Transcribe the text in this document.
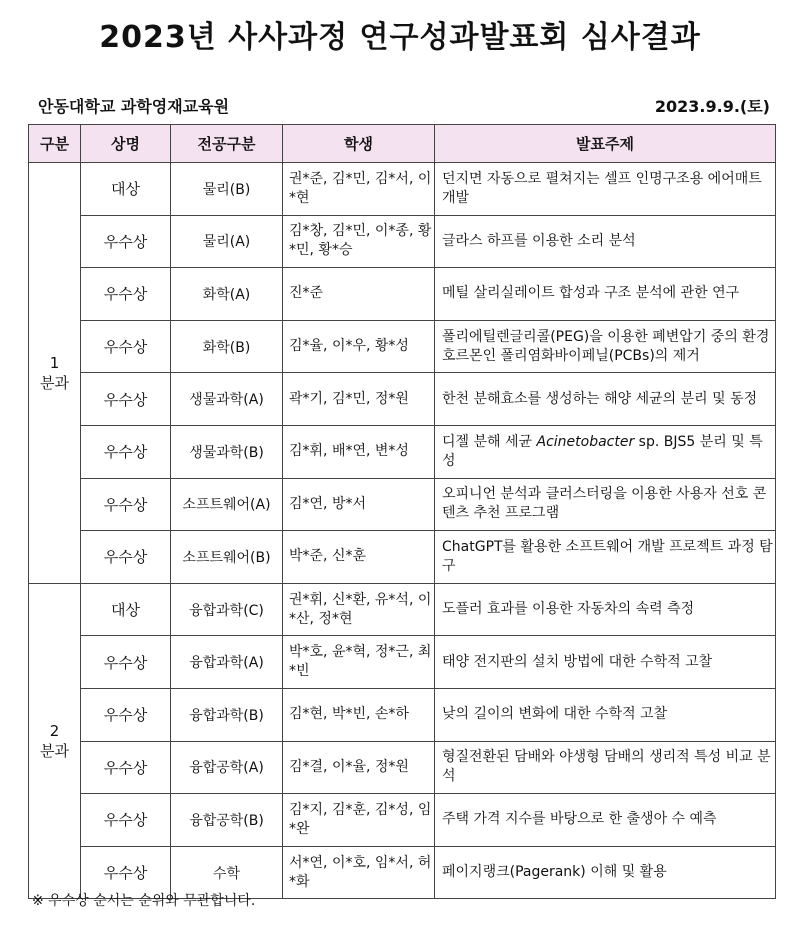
2023년 사사과정 연구성과발표회 심사결과
안동대학교 과학영재교육원	2023.9.9.(토)
구분	상명	전공구분	학생	발표주제

1
분과	대상	물리(B)	권*준, 김*민, 김*서, 이*현	던지면 자동으로 펼쳐지는 셀프 인명구조용 에어매트 개발
	우수상	물리(A)	김*창, 김*민, 이*종, 황*민, 황*승	글라스 하프를 이용한 소리 분석
	우수상	화학(A)	진*준	메틸 살리실레이트 합성과 구조 분석에 관한 연구
	우수상	화학(B)	김*율, 이*우, 황*성	폴리에틸렌글리콜(PEG)을 이용한 폐변압기 중의 환경호르몬인 폴리염화바이페닐(PCBs)의 제거
	우수상	생물과학(A)	곽*기, 김*민, 정*원	한천 분해효소를 생성하는 해양 세균의 분리 및 동정
	우수상	생물과학(B)	김*휘, 배*연, 변*성	디젤 분해 세균 Acinetobacter sp. BJS5 분리 및 특성
	우수상	소프트웨어(A)	김*연, 방*서	오피니언 분석과 클러스터링을 이용한 사용자 선호 콘텐츠 추천 프로그램
	우수상	소프트웨어(B)	박*준, 신*훈	ChatGPT를 활용한 소프트웨어 개발 프로젝트 과정 탐구

2
분과	대상	융합과학(C)	권*휘, 신*환, 유*석, 이*산, 정*현	도플러 효과를 이용한 자동차의 속력 측정
	우수상	융합과학(A)	박*호, 윤*혁, 정*근, 최*빈	태양 전지판의 설치 방법에 대한 수학적 고찰
	우수상	융합과학(B)	김*현, 박*빈, 손*하	낮의 길이의 변화에 대한 수학적 고찰
	우수상	융합공학(A)	김*결, 이*율, 정*원	형질전환된 담배와 야생형 담배의 생리적 특성 비교 분석
	우수상	융합공학(B)	김*지, 김*훈, 김*성, 임*완	주택 가격 지수를 바탕으로 한 출생아 수 예측
	우수상	수학	서*연, 이*호, 임*서, 허*화	페이지랭크(Pagerank) 이해 및 활용
※ 우수상 순서는 순위와 무관합니다.
